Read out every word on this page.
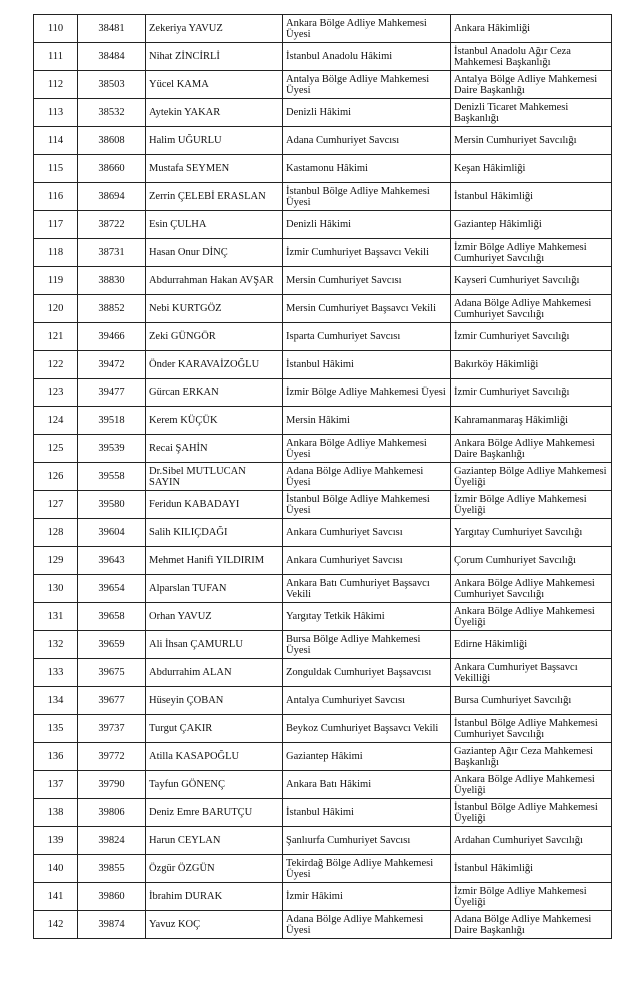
110	38481	Zekeriya YAVUZ	Ankara Bölge Adliye Mahkemesi Üyesi	Ankara Hâkimliği
111	38484	Nihat ZİNCİRLİ	İstanbul Anadolu Hâkimi	İstanbul Anadolu Ağır Ceza Mahkemesi Başkanlığı
112	38503	Yücel KAMA	Antalya Bölge Adliye Mahkemesi Üyesi	Antalya Bölge Adliye Mahkemesi Daire Başkanlığı
113	38532	Aytekin YAKAR	Denizli Hâkimi	Denizli Ticaret Mahkemesi Başkanlığı
114	38608	Halim UĞURLU	Adana Cumhuriyet Savcısı	Mersin Cumhuriyet Savcılığı
115	38660	Mustafa SEYMEN	Kastamonu Hâkimi	Keşan Hâkimliği
116	38694	Zerrin ÇELEBİ ERASLAN	İstanbul Bölge Adliye Mahkemesi Üyesi	İstanbul Hâkimliği
117	38722	Esin ÇULHA	Denizli Hâkimi	Gaziantep Hâkimliği
118	38731	Hasan Onur DİNÇ	İzmir Cumhuriyet Başsavcı Vekili	İzmir Bölge Adliye Mahkemesi Cumhuriyet Savcılığı
119	38830	Abdurrahman Hakan AVŞAR	Mersin Cumhuriyet Savcısı	Kayseri Cumhuriyet Savcılığı
120	38852	Nebi KURTGÖZ	Mersin Cumhuriyet Başsavcı Vekili	Adana Bölge Adliye Mahkemesi Cumhuriyet Savcılığı
121	39466	Zeki GÜNGÖR	Isparta Cumhuriyet Savcısı	İzmir Cumhuriyet Savcılığı
122	39472	Önder KARAVAİZOĞLU	İstanbul Hâkimi	Bakırköy Hâkimliği
123	39477	Gürcan ERKAN	İzmir Bölge Adliye Mahkemesi Üyesi	İzmir Cumhuriyet Savcılığı
124	39518	Kerem KÜÇÜK	Mersin Hâkimi	Kahramanmaraş Hâkimliği
125	39539	Recai ŞAHİN	Ankara Bölge Adliye Mahkemesi Üyesi	Ankara Bölge Adliye Mahkemesi Daire Başkanlığı
126	39558	Dr.Sibel MUTLUCAN SAYIN	Adana Bölge Adliye Mahkemesi Üyesi	Gaziantep Bölge Adliye Mahkemesi Üyeliği
127	39580	Feridun KABADAYI	İstanbul Bölge Adliye Mahkemesi Üyesi	İzmir Bölge Adliye Mahkemesi Üyeliği
128	39604	Salih KILIÇDAĞI	Ankara Cumhuriyet Savcısı	Yargıtay Cumhuriyet Savcılığı
129	39643	Mehmet Hanifi YILDIRIM	Ankara Cumhuriyet Savcısı	Çorum Cumhuriyet Savcılığı
130	39654	Alparslan TUFAN	Ankara Batı Cumhuriyet Başsavcı Vekili	Ankara Bölge Adliye Mahkemesi Cumhuriyet Savcılığı
131	39658	Orhan YAVUZ	Yargıtay Tetkik Hâkimi	Ankara Bölge Adliye Mahkemesi Üyeliği
132	39659	Ali İhsan ÇAMURLU	Bursa Bölge Adliye Mahkemesi Üyesi	Edirne Hâkimliği
133	39675	Abdurrahim ALAN	Zonguldak Cumhuriyet Başsavcısı	Ankara Cumhuriyet Başsavcı Vekilliği
134	39677	Hüseyin ÇOBAN	Antalya Cumhuriyet Savcısı	Bursa Cumhuriyet Savcılığı
135	39737	Turgut ÇAKIR	Beykoz Cumhuriyet Başsavcı Vekili	İstanbul Bölge Adliye Mahkemesi Cumhuriyet Savcılığı
136	39772	Atilla KASAPOĞLU	Gaziantep Hâkimi	Gaziantep Ağır Ceza Mahkemesi Başkanlığı
137	39790	Tayfun GÖNENÇ	Ankara Batı Hâkimi	Ankara Bölge Adliye Mahkemesi Üyeliği
138	39806	Deniz Emre BARUTÇU	İstanbul Hâkimi	İstanbul Bölge Adliye Mahkemesi Üyeliği
139	39824	Harun CEYLAN	Şanlıurfa Cumhuriyet Savcısı	Ardahan Cumhuriyet Savcılığı
140	39855	Özgür ÖZGÜN	Tekirdağ Bölge Adliye Mahkemesi Üyesi	İstanbul Hâkimliği
141	39860	İbrahim DURAK	İzmir Hâkimi	İzmir Bölge Adliye Mahkemesi Üyeliği
142	39874	Yavuz KOÇ	Adana Bölge Adliye Mahkemesi Üyesi	Adana Bölge Adliye Mahkemesi Daire Başkanlığı
